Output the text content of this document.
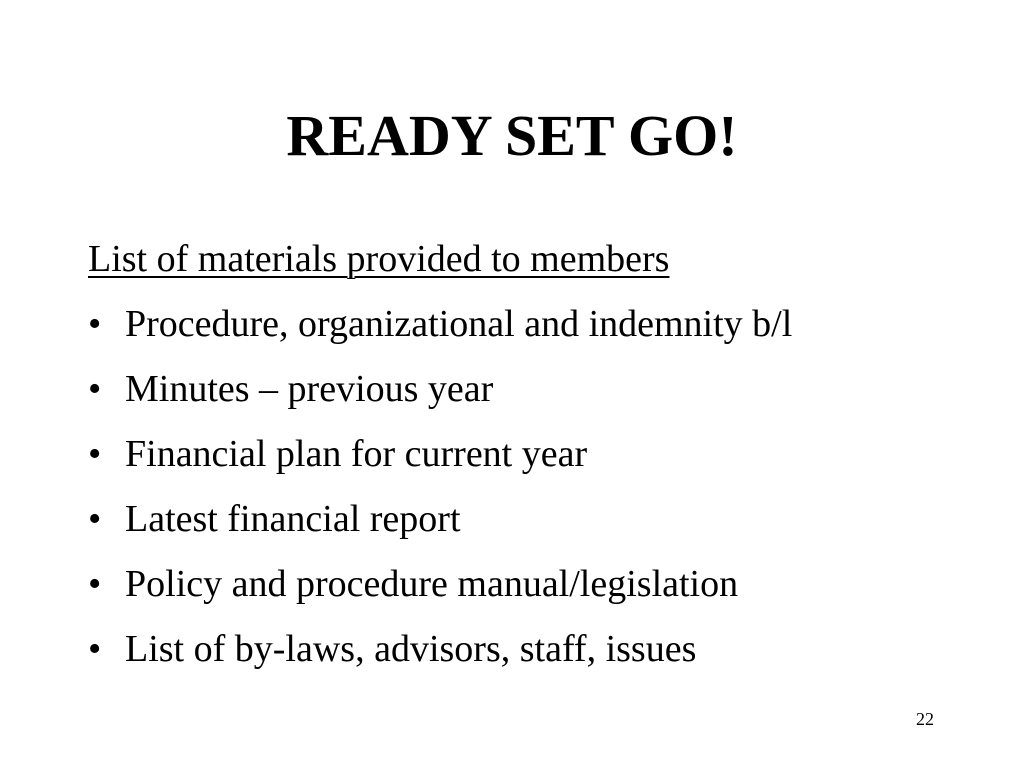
READY SET GO!
List of materials provided to members
• Procedure, organizational and indemnity b/l
• Minutes – previous year
• Financial plan for current year
• Latest financial report
• Policy and procedure manual/legislation
• List of by-laws, advisors, staff, issues
22
